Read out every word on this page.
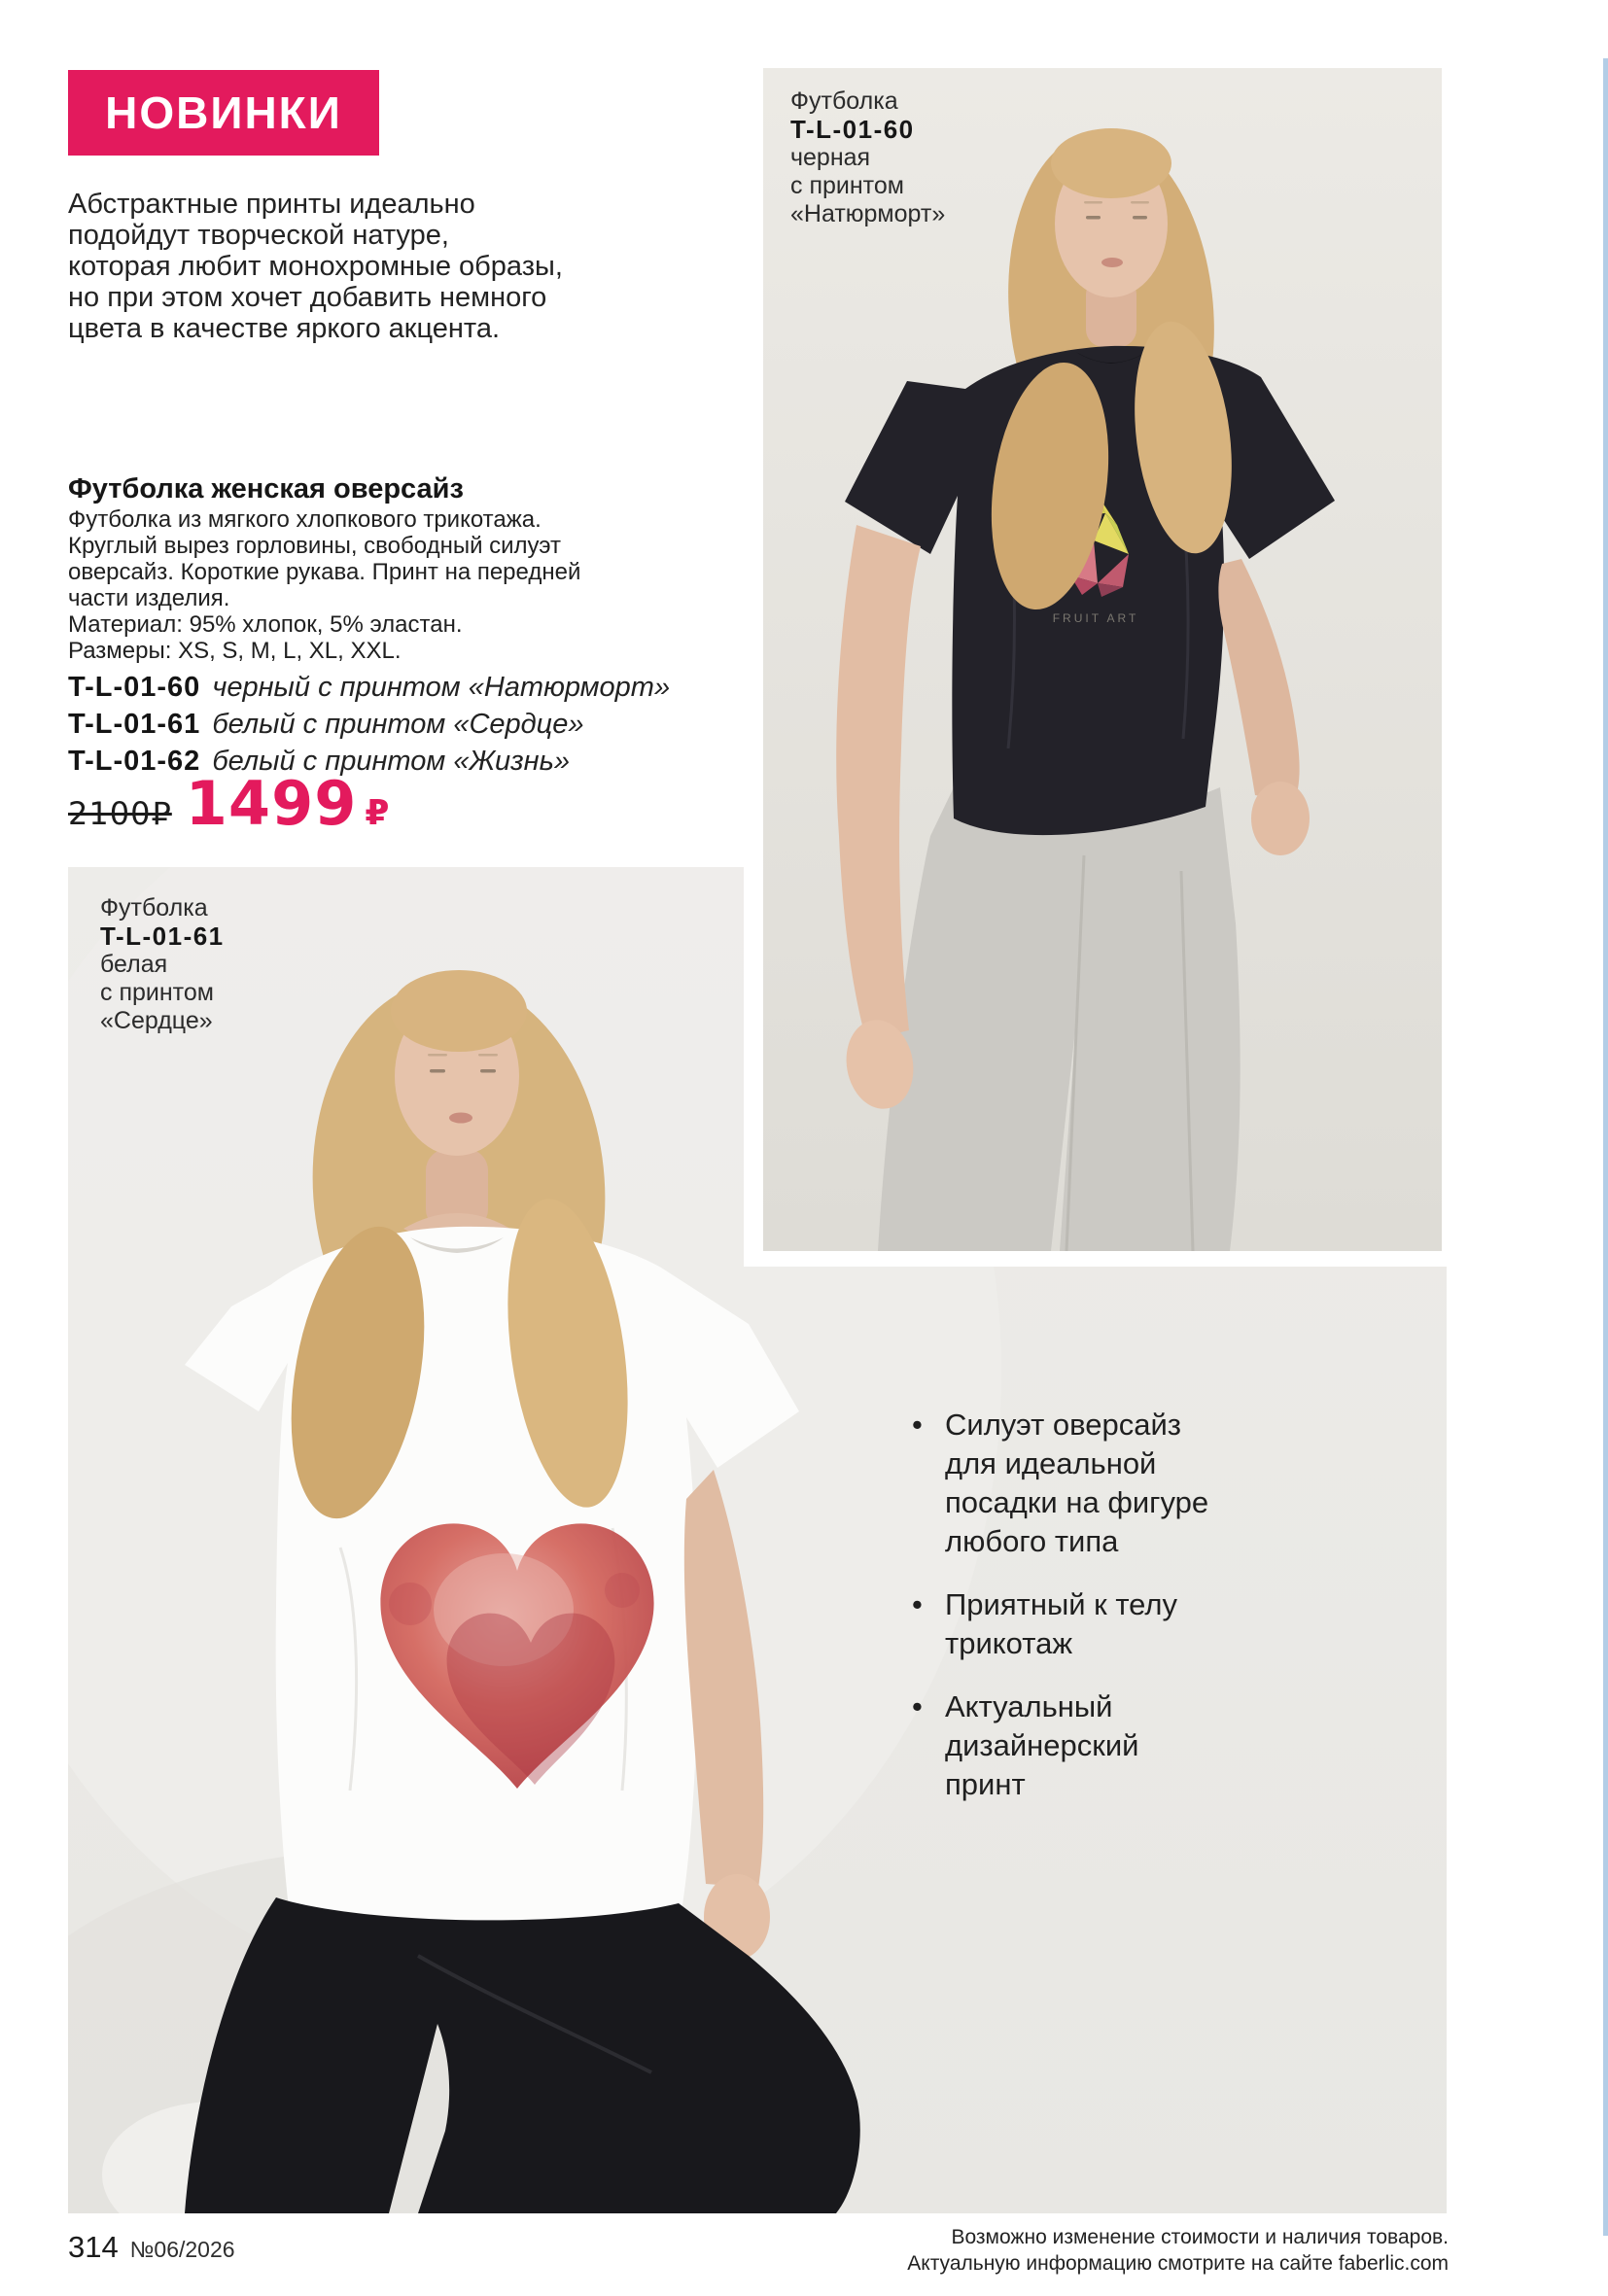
НОВИНКИ
Абстрактные принты идеально
подойдут творческой натуре,
которая любит монохромные образы,
но при этом хочет добавить немного
цвета в качестве яркого акцента.
Футболка женская оверсайз
Футболка из мягкого хлопкового трикотажа.
Круглый вырез горловины, свободный силуэт
оверсайз. Короткие рукава. Принт на передней
части изделия.
Материал: 95% хлопок, 5% эластан.
Размеры: XS, S, M, L, XL, XXL.
T-L-01-60 черный с принтом «Натюрморт»
T-L-01-61 белый с принтом «Сердце»
T-L-01-62 белый с принтом «Жизнь»
2100₽ 1499 ₽
Футболка
T-L-01-61
белая
с принтом
«Сердце»
•
Силуэт оверсайз
для идеальной
посадки на фигуре
любого типа
•
Приятный к телу
трикотаж
•
Актуальный
дизайнерский
принт
FRUIT ART
Футболка
T-L-01-60
черная
с принтом
«Натюрморт»
314 №06/2026	Возможно изменение стоимости и наличия товаров.
Актуальную информацию смотрите на сайте faberlic.com
